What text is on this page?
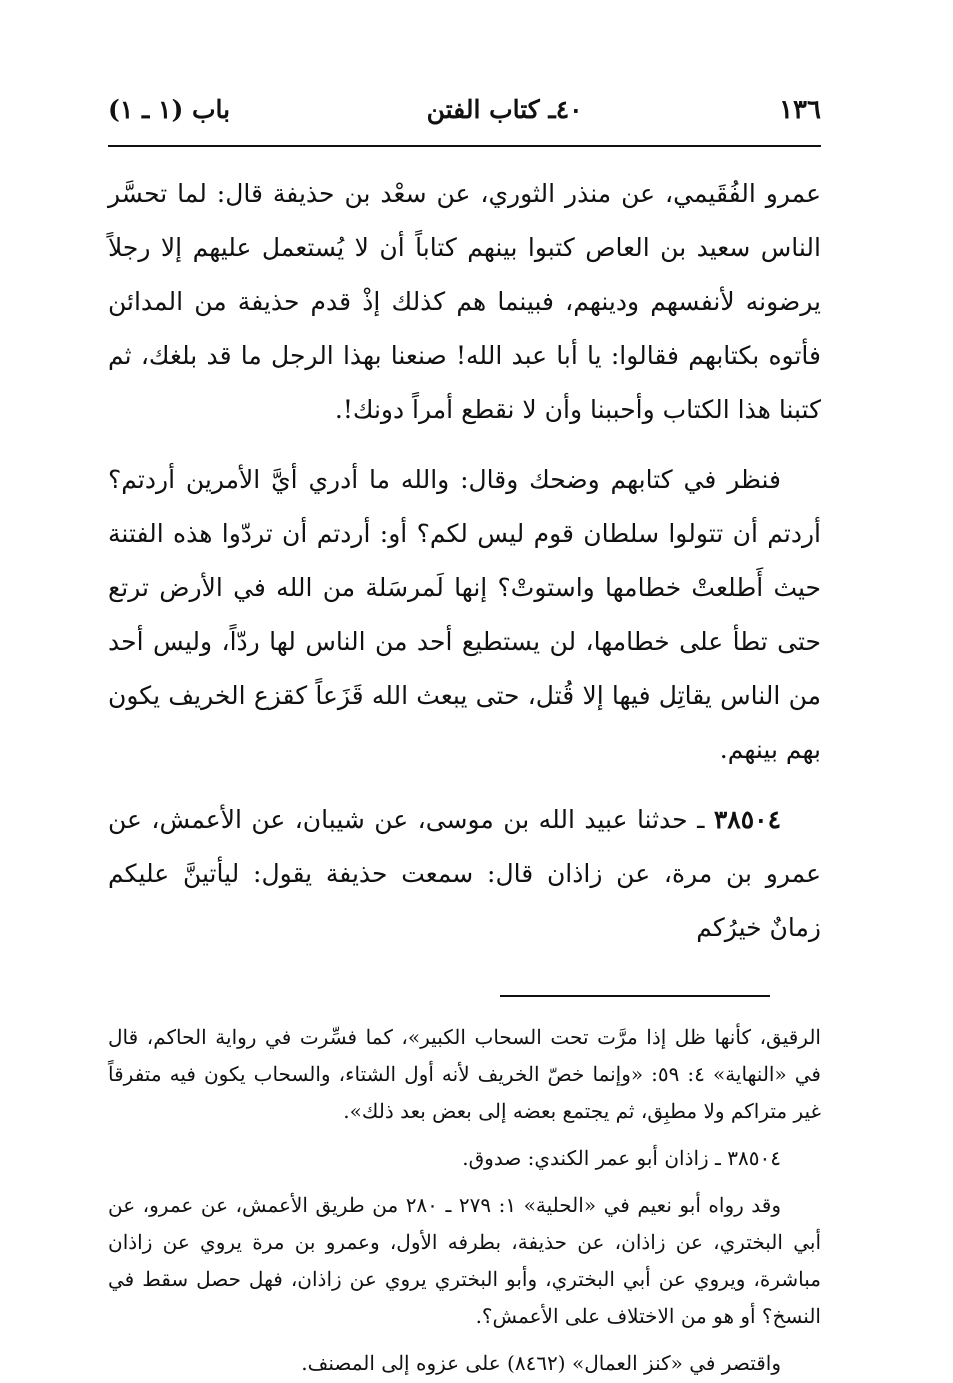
١٣٦
٤٠ـ كتاب الفتن
باب (١ ـ ١)

عمرو الفُقَيمي، عن منذر الثوري، عن سعْد بن حذيفة قال: لما تحسَّر الناس سعيد بن العاص كتبوا بينهم كتاباً أن لا يُستعمل عليهم إلا رجلاً يرضونه لأنفسهم ودينهم، فبينما هم كذلك إذْ قدم حذيفة من المدائن فأتوه بكتابهم فقالوا: يا أبا عبد الله! صنعنا بهذا الرجل ما قد بلغك، ثم كتبنا هذا الكتاب وأحببنا وأن لا نقطع أمراً دونك!.

فنظر في كتابهم وضحك وقال: والله ما أدري أيَّ الأمرين أردتم؟ أردتم أن تتولوا سلطان قوم ليس لكم؟ أو: أردتم أن تردّوا هذه الفتنة حيث أَطلعتْ خطامها واستوتْ؟ إنها لَمرسَلة من الله في الأرض ترتع حتى تطأ على خطامها، لن يستطيع أحد من الناس لها ردّاً، وليس أحد من الناس يقاتِل فيها إلا قُتل، حتى يبعث الله قَزَعاً كقزع الخريف يكون بهم بينهم.

٣٨٥٠٤ ـ حدثنا عبيد الله بن موسى، عن شيبان، عن الأعمش، عن عمرو بن مرة، عن زاذان قال: سمعت حذيفة يقول: ليأتينَّ عليكم زمانٌ خيرُكم

الرقيق، كأنها ظل إذا مرَّت تحت السحاب الكبير»، كما فسِّرت في رواية الحاكم، قال في «النهاية» ٤: ٥٩: «وإنما خصّ الخريف لأنه أول الشتاء، والسحاب يكون فيه متفرقاً غير متراكم ولا مطبِق، ثم يجتمع بعضه إلى بعض بعد ذلك».

٣٨٥٠٤ ـ زاذان أبو عمر الكندي: صدوق.

وقد رواه أبو نعيم في «الحلية» ١: ٢٧٩ ـ ٢٨٠ من طريق الأعمش، عن عمرو، عن أبي البختري، عن زاذان، عن حذيفة، بطرفه الأول، وعمرو بن مرة يروي عن زاذان مباشرة، ويروي عن أبي البختري، وأبو البختري يروي عن زاذان، فهل حصل سقط في النسخ؟ أو هو من الاختلاف على الأعمش؟.

واقتصر في «كنز العمال» (٨٤٦٢) على عزوه إلى المصنف.
